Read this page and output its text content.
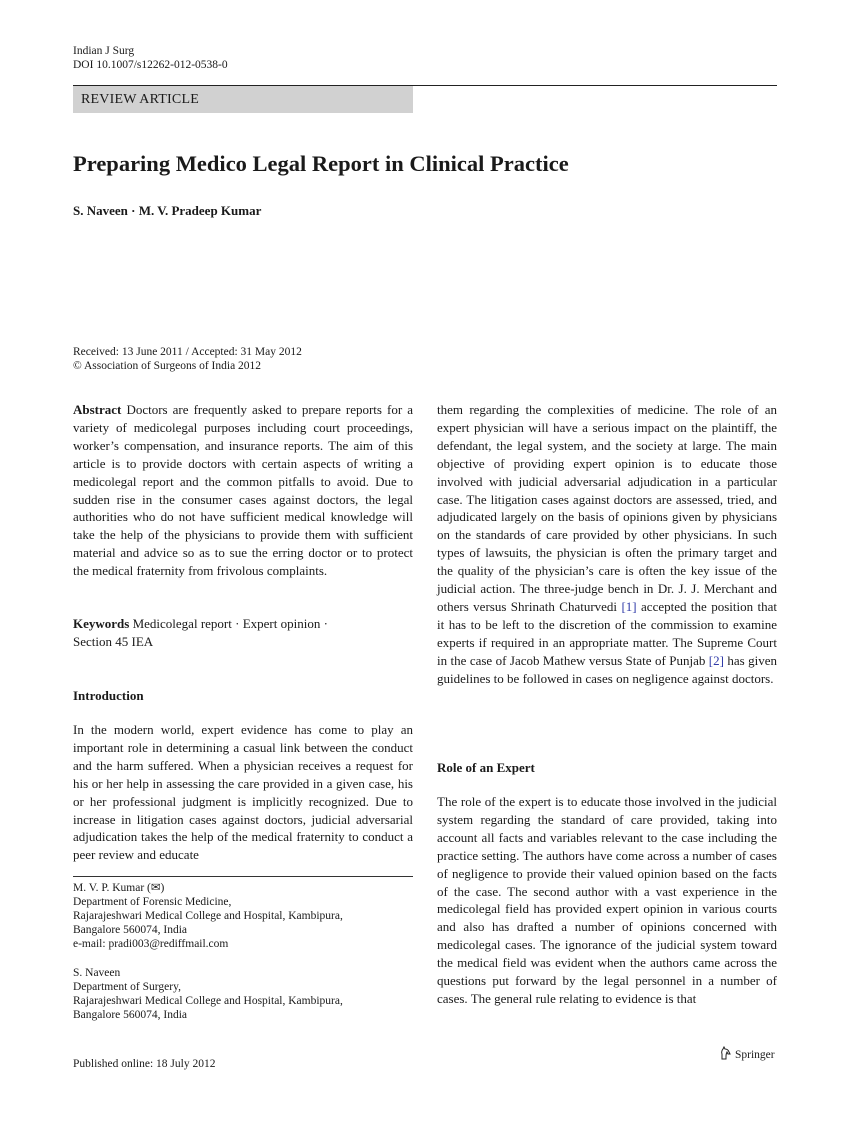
Indian J Surg
DOI 10.1007/s12262-012-0538-0
REVIEW ARTICLE
Preparing Medico Legal Report in Clinical Practice
S. Naveen · M. V. Pradeep Kumar
Received: 13 June 2011 / Accepted: 31 May 2012
© Association of Surgeons of India 2012

Abstract Doctors are frequently asked to prepare reports for a variety of medicolegal purposes including court proceedings, worker’s compensation, and insurance reports. The aim of this article is to provide doctors with certain aspects of writing a medicolegal report and the common pitfalls to avoid. Due to sudden rise in the consumer cases against doctors, the legal authorities who do not have sufficient medical knowledge will take the help of the physicians to provide them with sufficient material and advice so as to sue the erring doctor or to protect the medical fraternity from frivolous complaints.

Keywords Medicolegal report · Expert opinion ·
Section 45 IEA
Introduction

In the modern world, expert evidence has come to play an important role in determining a casual link between the conduct and the harm suffered. When a physician receives a request for his or her help in assessing the care provided in a given case, his or her professional judgment is implicitly recognized. Due to increase in litigation cases against doctors, judicial adversarial adjudication takes the help of the medical fraternity to conduct a peer review and educate

M. V. P. Kumar (✉)
Department of Forensic Medicine,
Rajarajeshwari Medical College and Hospital, Kambipura,
Bangalore 560074, India
e-mail: pradi003@rediffmail.com
S. Naveen
Department of Surgery,
Rajarajeshwari Medical College and Hospital, Kambipura,
Bangalore 560074, India

them regarding the complexities of medicine. The role of an expert physician will have a serious impact on the plaintiff, the defendant, the legal system, and the society at large. The main objective of providing expert opinion is to educate those involved with judicial adversarial adjudication in a particular case. The litigation cases against doctors are assessed, tried, and adjudicated largely on the basis of opinions given by physicians on the standards of care provided by other physicians. In such types of lawsuits, the physician is often the primary target and the quality of the physician’s care is often the key issue of the judicial action. The three-judge bench in Dr. J. J. Merchant and others versus Shrinath Chaturvedi [1] accepted the position that it has to be left to the discretion of the commission to examine experts if required in an appropriate matter. The Supreme Court in the case of Jacob Mathew versus State of Punjab [2] has given guidelines to be followed in cases on negligence against doctors.

Role of an Expert

The role of the expert is to educate those involved in the judicial system regarding the standard of care provided, taking into account all facts and variables relevant to the case including the practice setting. The authors have come across a number of cases of negligence to provide their valued opinion based on the facts of the case. The second author with a vast experience in the medicolegal field has provided expert opinion in various courts and also has drafted a number of opinions concerned with medicolegal cases. The ignorance of the judicial system toward the medical field was evident when the authors came across the questions put forward by the legal personnel in a number of cases. The general rule relating to evidence is that

Published online: 18 July 2012
Springer
